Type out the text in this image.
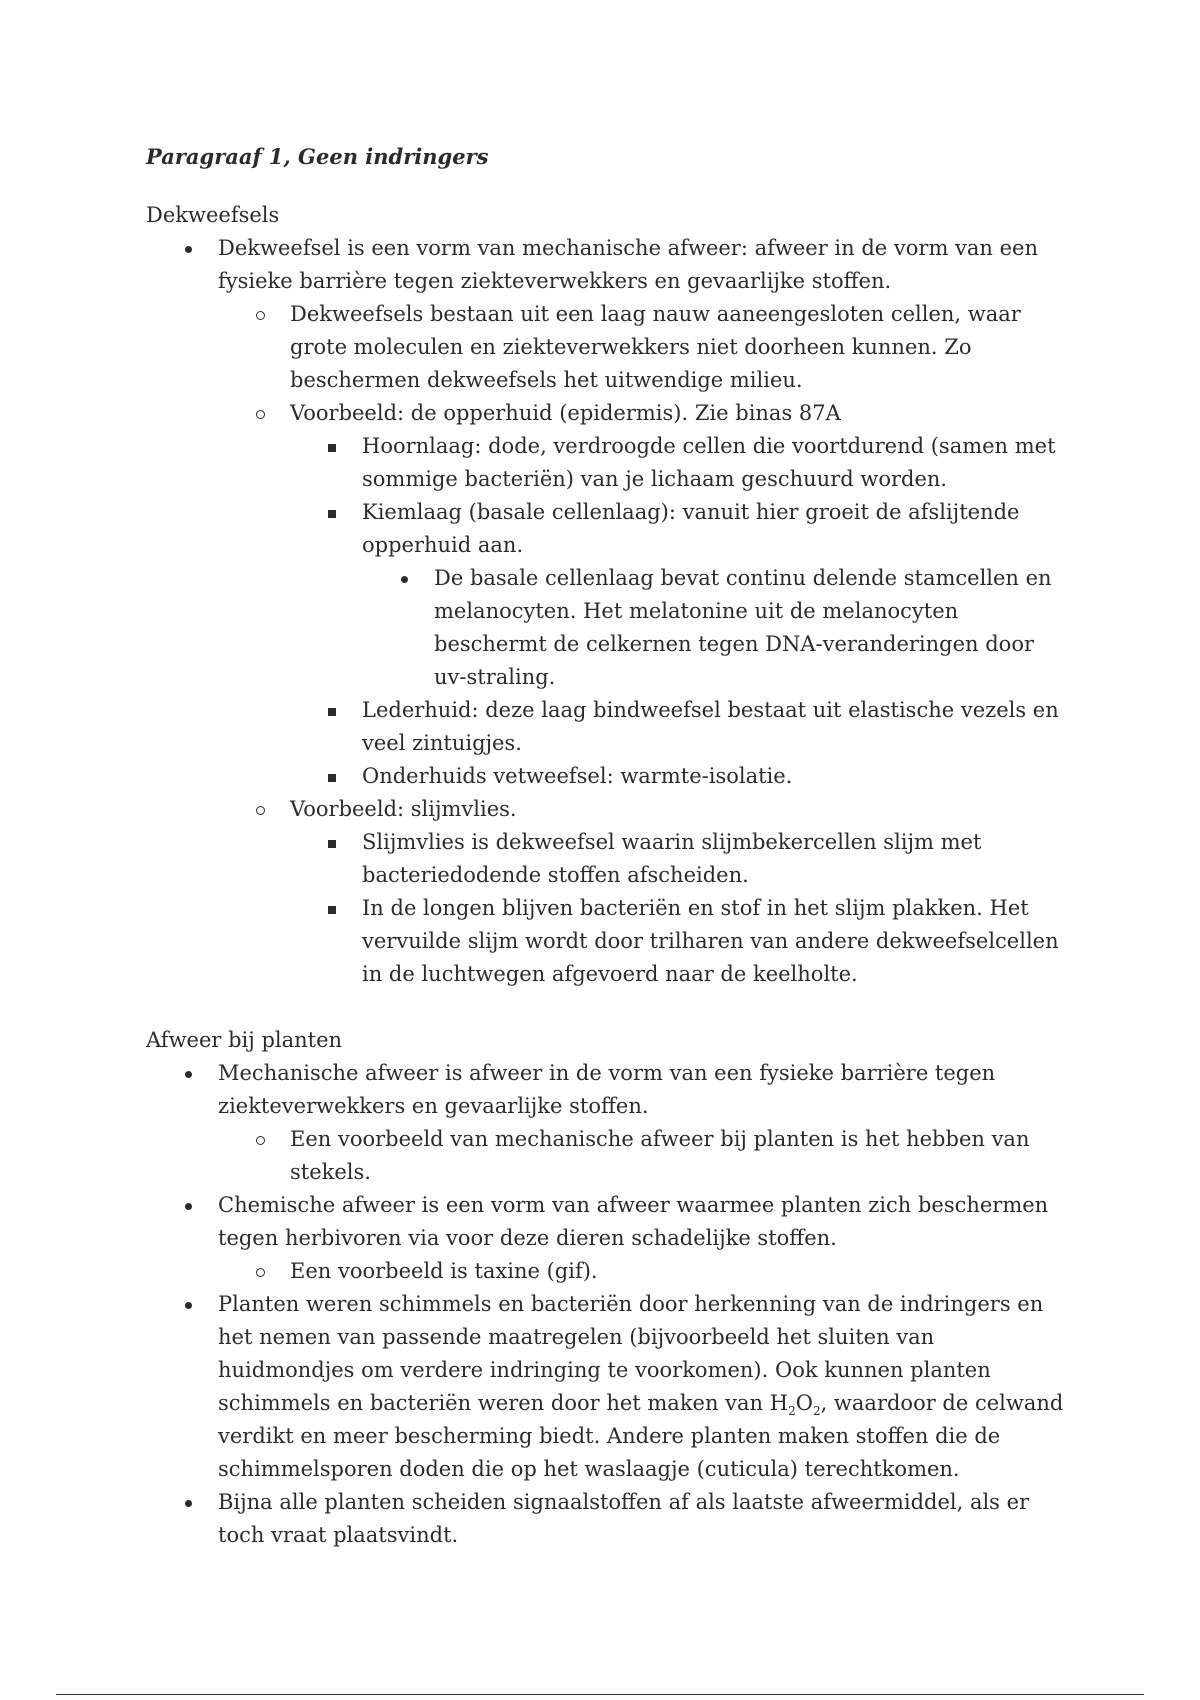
Paragraaf 1, Geen indringers

Dekweefsels

Dekweefsel is een vorm van mechanische afweer: afweer in de vorm van een fysieke barrière tegen ziekteverwekkers en gevaarlijke stoffen.
Dekweefsels bestaan uit een laag nauw aaneengesloten cellen, waar grote moleculen en ziekteverwekkers niet doorheen kunnen. Zo beschermen dekweefsels het uitwendige milieu.
Voorbeeld: de opperhuid (epidermis). Zie binas 87A
Hoornlaag: dode, verdroogde cellen die voortdurend (samen met sommige bacteriën) van je lichaam geschuurd worden.
Kiemlaag (basale cellenlaag): vanuit hier groeit de afslijtende opperhuid aan.
De basale cellenlaag bevat continu delende stamcellen en melanocyten. Het melatonine uit de melanocyten beschermt de celkernen tegen DNA-veranderingen door uv-straling.
Lederhuid: deze laag bindweefsel bestaat uit elastische vezels en veel zintuigjes.
Onderhuids vetweefsel: warmte-isolatie.
Voorbeeld: slijmvlies.
Slijmvlies is dekweefsel waarin slijmbekercellen slijm met bacteriedodende stoffen afscheiden.
In de longen blijven bacteriën en stof in het slijm plakken. Het vervuilde slijm wordt door trilharen van andere dekweefselcellen in de luchtwegen afgevoerd naar de keelholte.

Afweer bij planten

Mechanische afweer is afweer in de vorm van een fysieke barrière tegen ziekteverwekkers en gevaarlijke stoffen.
Een voorbeeld van mechanische afweer bij planten is het hebben van stekels.
Chemische afweer is een vorm van afweer waarmee planten zich beschermen tegen herbivoren via voor deze dieren schadelijke stoffen.
Een voorbeeld is taxine (gif).
Planten weren schimmels en bacteriën door herkenning van de indringers en het nemen van passende maatregelen (bijvoorbeeld het sluiten van huidmondjes om verdere indringing te voorkomen). Ook kunnen planten schimmels en bacteriën weren door het maken van $H_2O_2$, waardoor de celwand verdikt en meer bescherming biedt. Andere planten maken stoffen die de schimmelsporen doden die op het waslaagje (cuticula) terechtkomen.
Bijna alle planten scheiden signaalstoffen af als laatste afweermiddel, als er toch vraat plaatsvindt.
